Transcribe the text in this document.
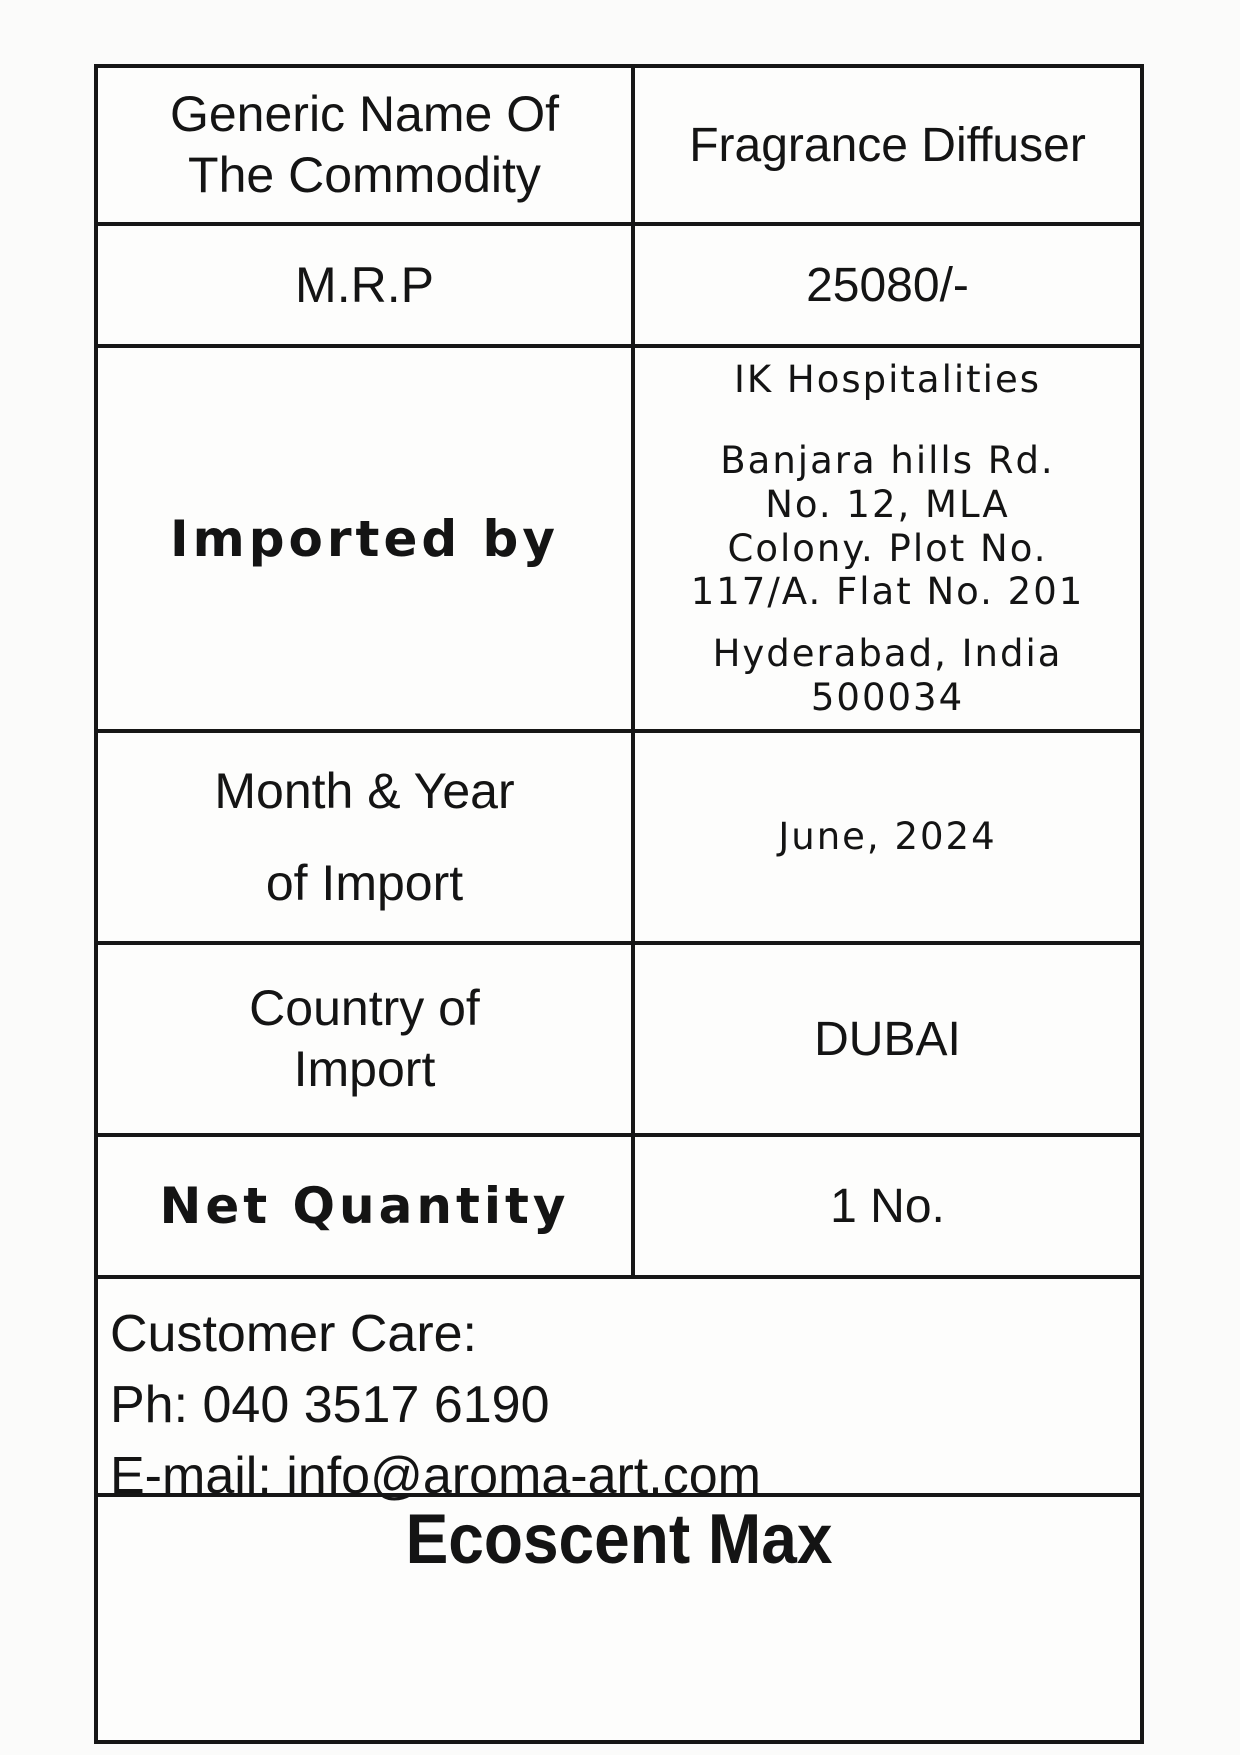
Generic Name Of
The Commodity
Fragrance Diffuser
M.R.P	25080/-
Imported by
IK Hospitalities
Banjara hills Rd.
No. 12, MLA
Colony. Plot No.
117/A. Flat No. 201
Hyderabad, India
500034
Month & Year
of Import
June, 2024
Country of
Import
DUBAI
Net Quantity	1 No.
Customer Care:
Ph: 040 3517 6190
E-mail: info@aroma-art.com
Ecoscent Max
